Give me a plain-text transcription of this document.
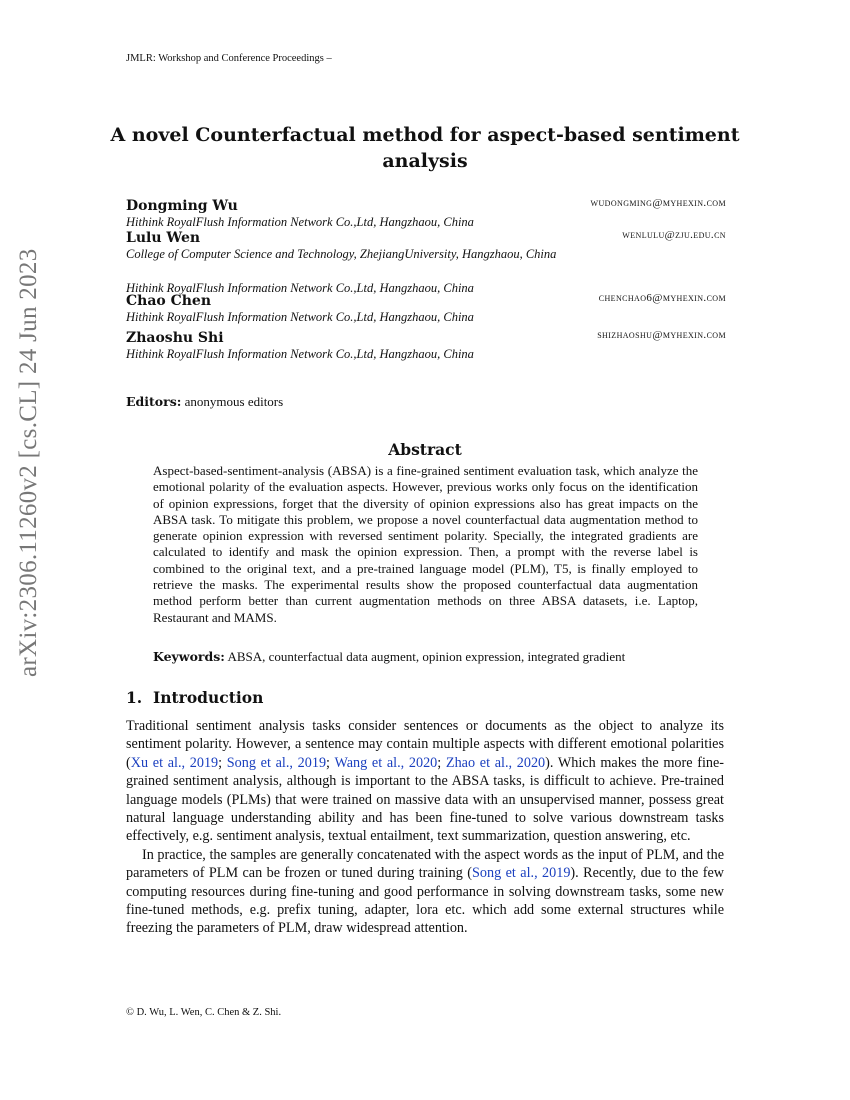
JMLR: Workshop and Conference Proceedings –
arXiv:2306.11260v2 [cs.CL] 24 Jun 2023
A novel Counterfactual method for aspect-based sentiment analysis
Dongming Wu	wudongming@myhexin.com
Hithink RoyalFlush Information Network Co.,Ltd, Hangzhaou, China
Lulu Wen	wenlulu@zju.edu.cn
College of Computer Science and Technology, ZhejiangUniversity, Hangzhaou, China
Hithink RoyalFlush Information Network Co.,Ltd, Hangzhaou, China
Chao Chen	chenchao6@myhexin.com
Hithink RoyalFlush Information Network Co.,Ltd, Hangzhaou, China
Zhaoshu Shi	shizhaoshu@myhexin.com
Hithink RoyalFlush Information Network Co.,Ltd, Hangzhaou, China
Editors: anonymous editors
Abstract

Aspect-based-sentiment-analysis (ABSA) is a fine-grained sentiment evaluation task, which analyze the emotional polarity of the evaluation aspects. However, previous works only focus on the identification of opinion expressions, forget that the diversity of opinion expressions also has great impacts on the ABSA task. To mitigate this problem, we propose a novel counterfactual data augmentation method to generate opinion expression with reversed sentiment polarity. Specially, the integrated gradients are calculated to identify and mask the opinion expression. Then, a prompt with the reverse label is combined to the original text, and a pre-trained language model (PLM), T5, is finally employed to retrieve the masks. The experimental results show the proposed counterfactual data augmentation method perform better than current augmentation methods on three ABSA datasets, i.e. Laptop, Restaurant and MAMS.

Keywords: ABSA, counterfactual data augment, opinion expression, integrated gradient
1. Introduction

Traditional sentiment analysis tasks consider sentences or documents as the object to analyze its sentiment polarity. However, a sentence may contain multiple aspects with different emotional polarities (Xu et al., 2019; Song et al., 2019; Wang et al., 2020; Zhao et al., 2020). Which makes the more fine-grained sentiment analysis, although is important to the ABSA tasks, is difficult to achieve. Pre-trained language models (PLMs) that were trained on massive data with an unsupervised manner, possess great natural language understanding ability and has been fine-tuned to solve various downstream tasks effectively, e.g. sentiment analysis, textual entailment, text summarization, question answering, etc.

In practice, the samples are generally concatenated with the aspect words as the input of PLM, and the parameters of PLM can be frozen or tuned during training (Song et al., 2019). Recently, due to the few computing resources during fine-tuning and good performance in solving downstream tasks, some new fine-tuned methods, e.g. prefix tuning, adapter, lora etc. which add some external structures while freezing the parameters of PLM, draw widespread attention.

© D. Wu, L. Wen, C. Chen & Z. Shi.
